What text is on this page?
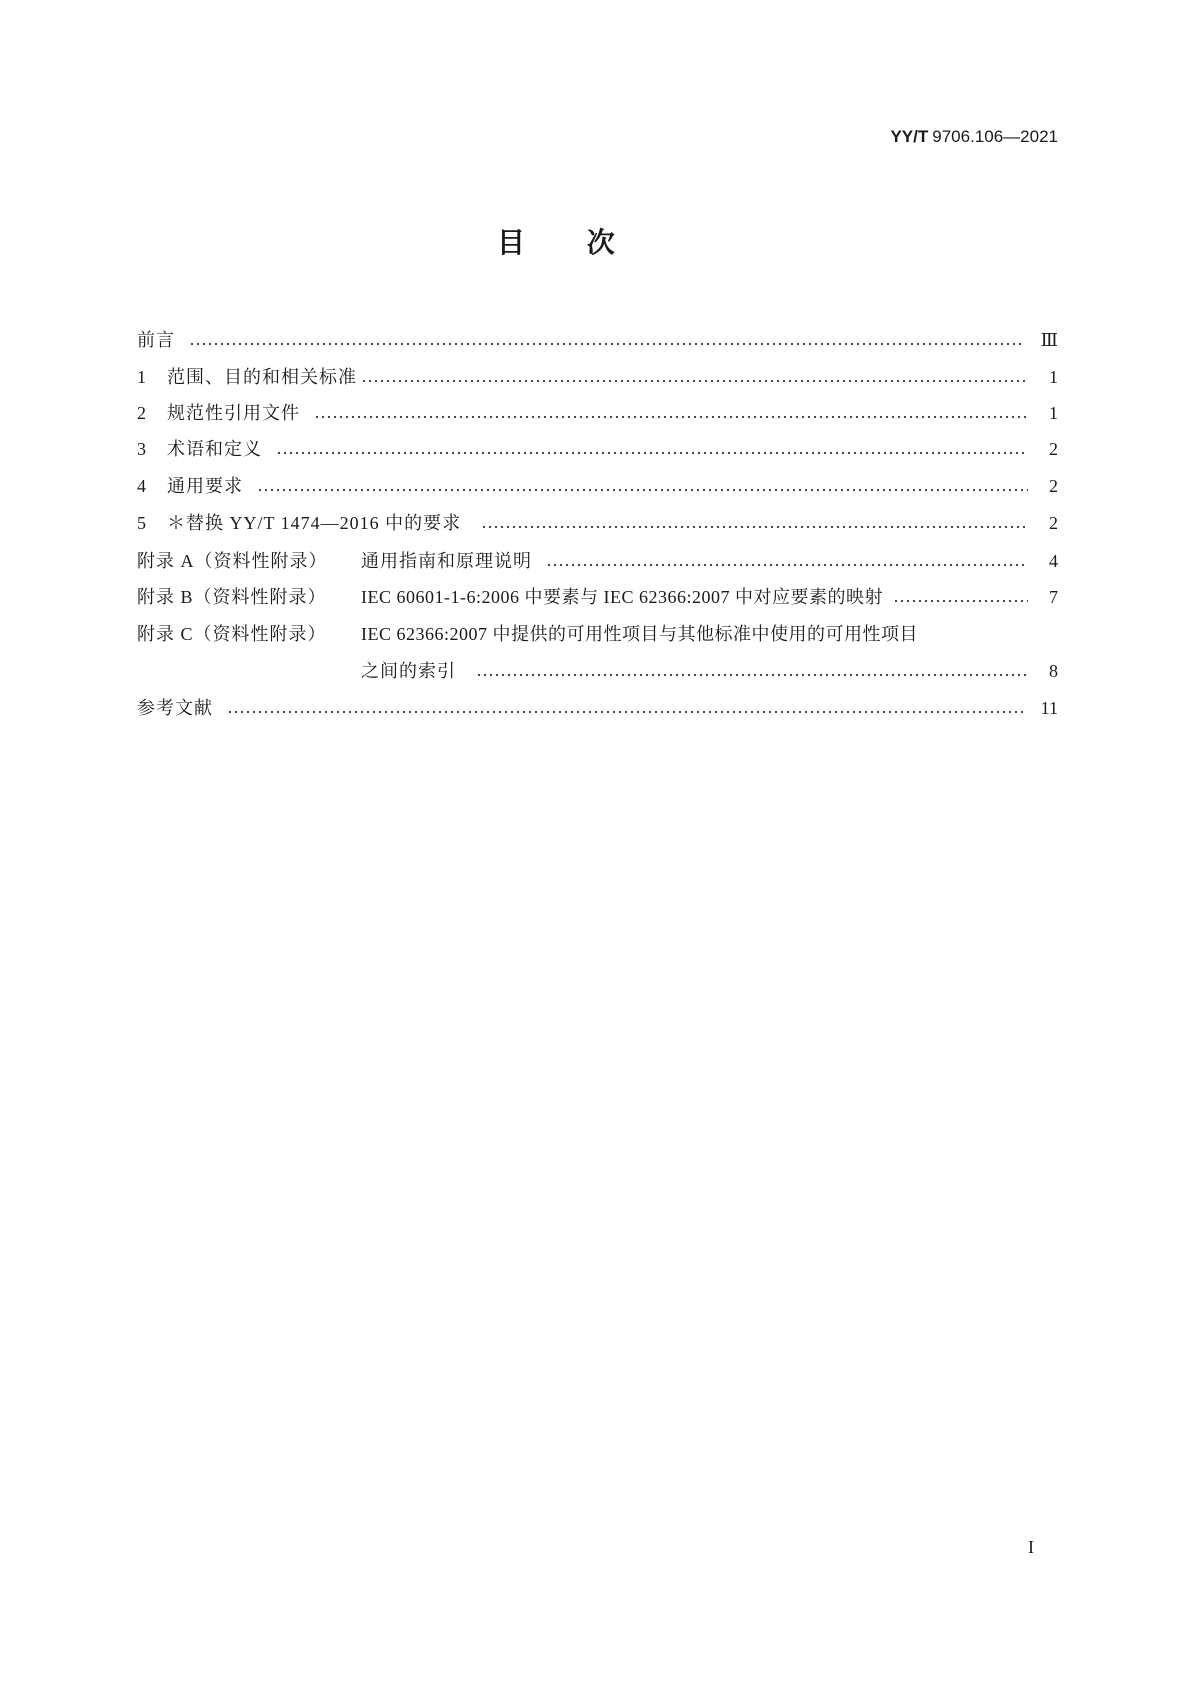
YY/T 9706.106—2021
目 次
前言	Ⅲ
1	范围、目的和相关标准	1
2	规范性引用文件	1
3	术语和定义	2
4	通用要求	2
5	＊替换 YY/T 1474—2016 中的要求	2
附录 A（资料性附录）	通用指南和原理说明	4
附录 B（资料性附录）	IEC 60601-1-6:2006 中要素与 IEC 62366:2007 中对应要素的映射	7
附录 C（资料性附录）	IEC 62366:2007 中提供的可用性项目与其他标准中使用的可用性项目
之间的索引	8
参考文献	11
I
